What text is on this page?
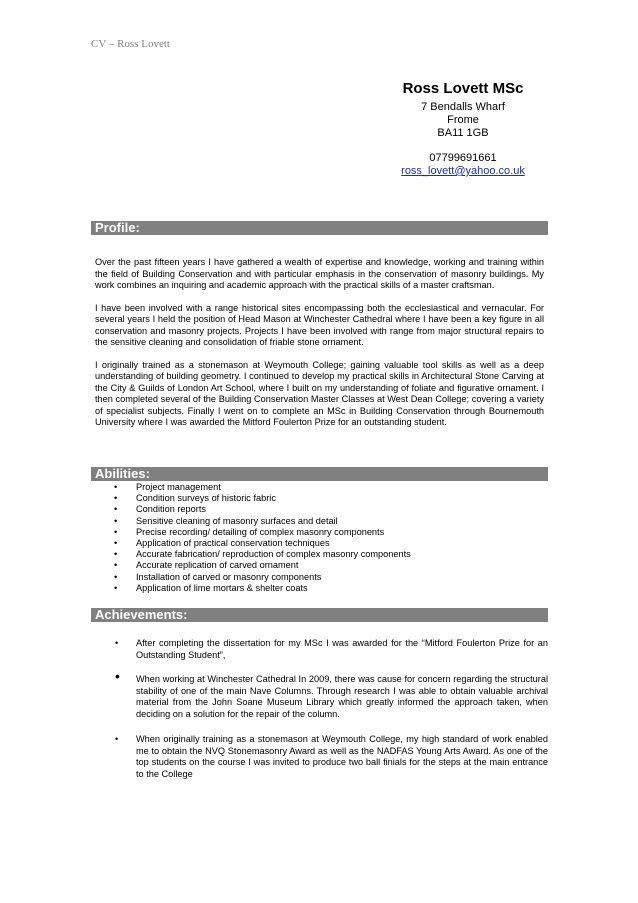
CV – Ross Lovett
Ross Lovett MSc
7 Bendalls Wharf
Frome
BA11 1GB
07799691661
ross_lovett@yahoo.co.uk
Profile:

Over the past fifteen years I have gathered a wealth of expertise and knowledge, working and training within the field of Building Conservation and with particular emphasis in the conservation of masonry buildings. My work combines an inquiring and academic approach with the practical skills of a master craftsman.

I have been involved with a range historical sites encompassing both the ecclesiastical and vernacular. For several years I held the position of Head Mason at Winchester Cathedral where I have been a key figure in all conservation and masonry projects. Projects I have been involved with range from major structural repairs to the sensitive cleaning and consolidation of friable stone ornament.

I originally trained as a stonemason at Weymouth College; gaining valuable tool skills as well as a deep understanding of building geometry. I continued to develop my practical skills in Architectural Stone Carving at the City & Guilds of London Art School, where I built on my understanding of foliate and figurative ornament. I then completed several of the Building Conservation Master Classes at West Dean College; covering a variety of specialist subjects. Finally I went on to complete an MSc in Building Conservation through Bournemouth University where I was awarded the Mitford Foulerton Prize for an outstanding student.

Abilities:
• Project management
• Condition surveys of historic fabric
• Condition reports
• Sensitive cleaning of masonry surfaces and detail
• Precise recording/ detailing of complex masonry components
• Application of practical conservation techniques
• Accurate fabrication/ reproduction of complex masonry components
• Accurate replication of carved ornament
• Installation of carved or masonry components
• Application of lime mortars & shelter coats
Achievements:
• After completing the dissertation for my MSc I was awarded for the “Mitford Foulerton Prize for an Outstanding Student”,
• When working at Winchester Cathedral In 2009, there was cause for concern regarding the structural stability of one of the main Nave Columns. Through research I was able to obtain valuable archival material from the John Soane Museum Library which greatly informed the approach taken, when deciding on a solution for the repair of the column.
• When originally training as a stonemason at Weymouth College, my high standard of work enabled me to obtain the NVQ Stonemasonry Award as well as the NADFAS Young Arts Award. As one of the top students on the course I was invited to produce two ball finials for the steps at the main entrance to the College
